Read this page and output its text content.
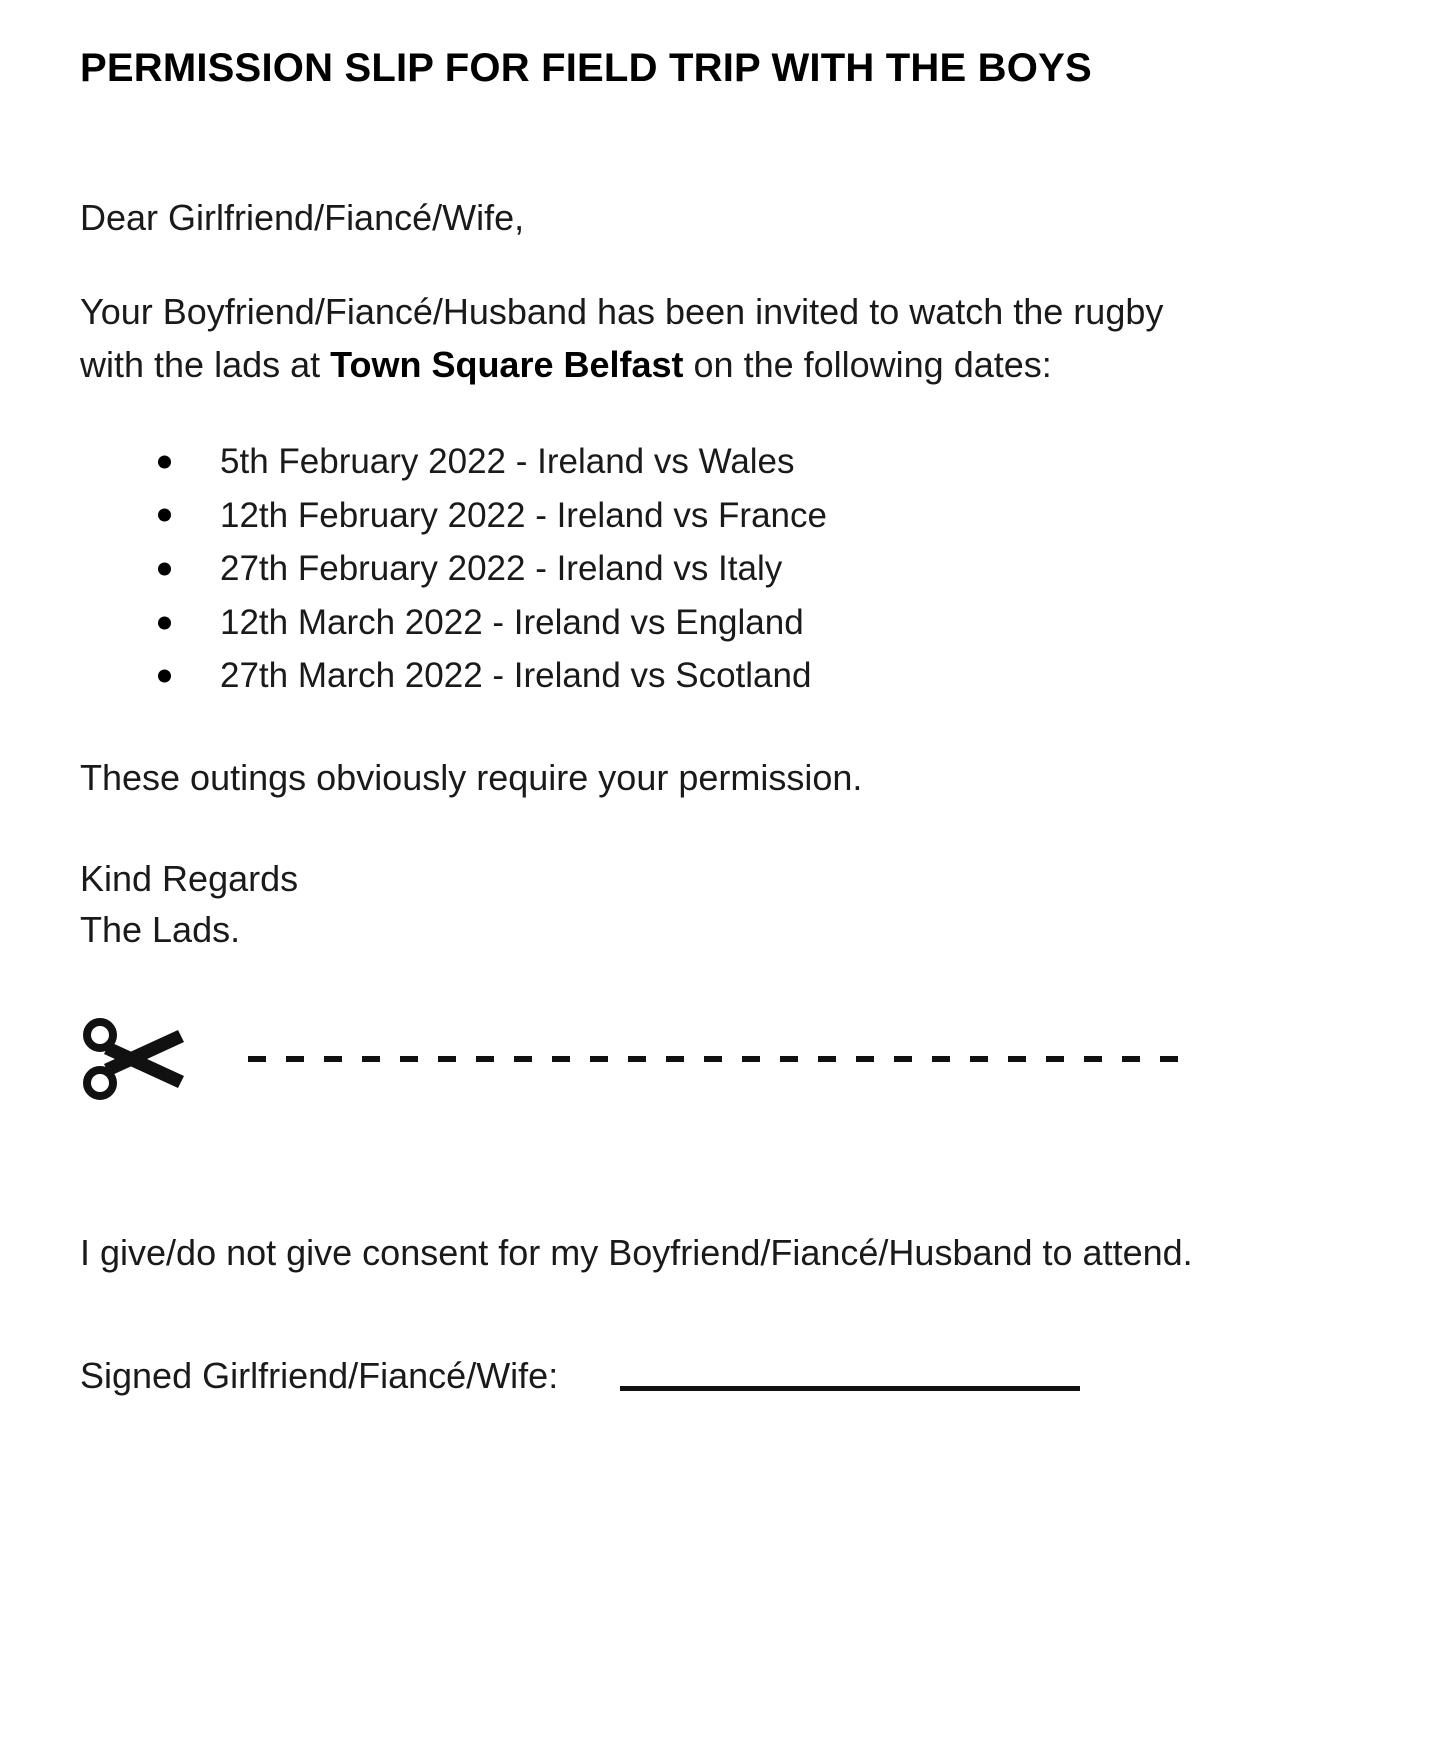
PERMISSION SLIP FOR FIELD TRIP WITH THE BOYS

Dear Girlfriend/Fiancé/Wife,

Your Boyfriend/Fiancé/Husband has been invited to watch the rugby with the lads at Town Square Belfast on the following dates:

5th February 2022 - Ireland vs Wales
12th February 2022 - Ireland vs France
27th February 2022 - Ireland vs Italy
12th March 2022 - Ireland vs England
27th March 2022 - Ireland vs Scotland

These outings obviously require your permission.

Kind Regards

The Lads.

I give/do not give consent for my Boyfriend/Fiancé/Husband to attend.

Signed Girlfriend/Fiancé/Wife:
